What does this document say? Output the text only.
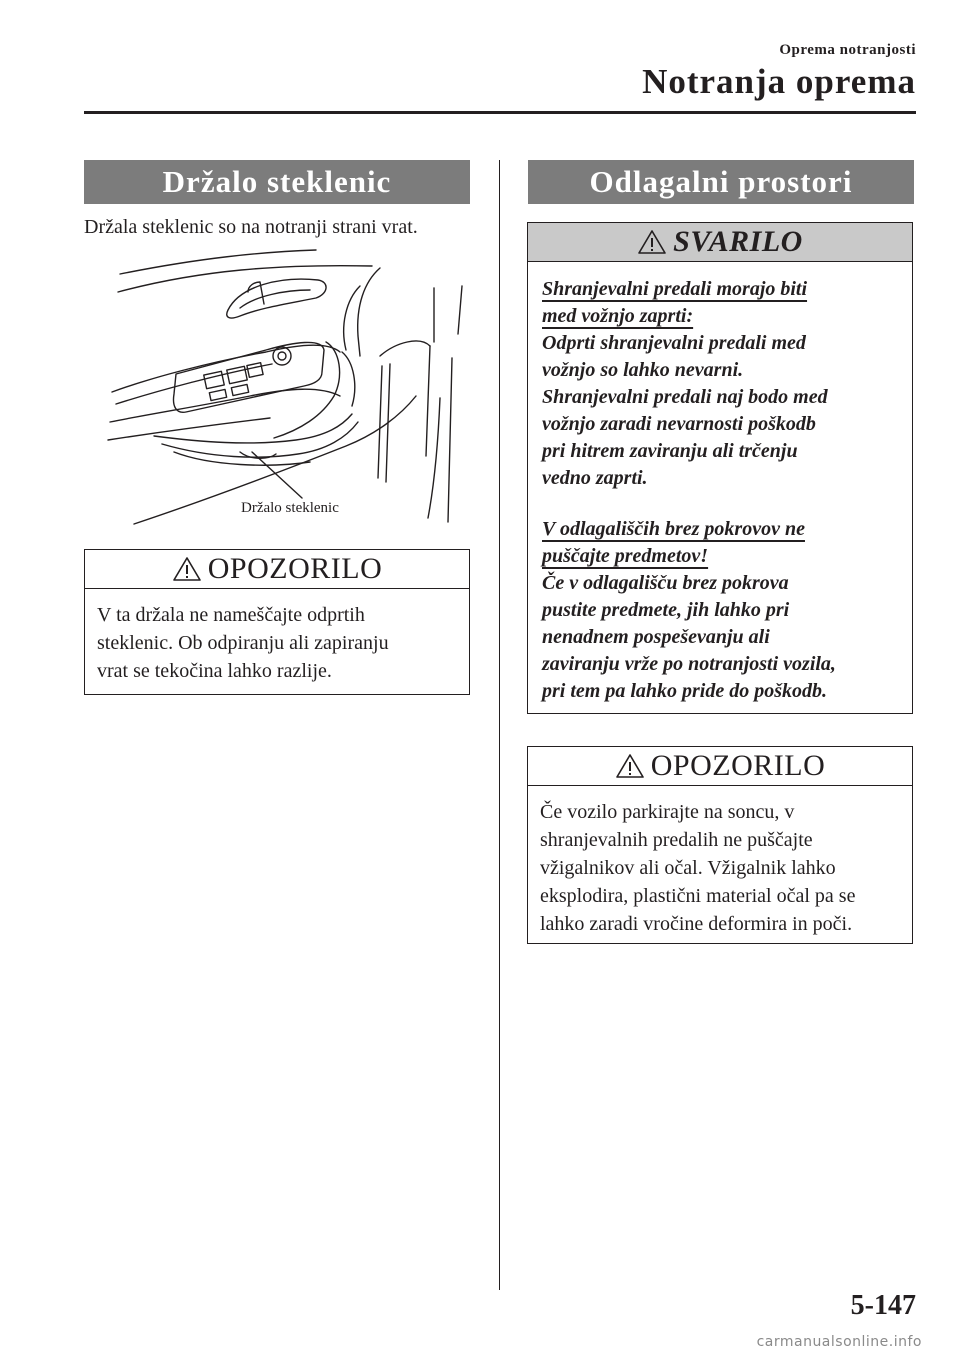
Oprema notranjosti
Notranja oprema
Držalo steklenic
Držala steklenic so na notranji strani vrat.
Držalo steklenic
OPOZORILO
V ta držala ne nameščajte odprtih
steklenic. Ob odpiranju ali zapiranju
vrat se tekočina lahko razlije.
Odlagalni prostori
SVARILO
Shranjevalni predali morajo biti
med vožnjo zaprti:
Odprti shranjevalni predali med
vožnjo so lahko nevarni.
Shranjevalni predali naj bodo med
vožnjo zaradi nevarnosti poškodb
pri hitrem zaviranju ali trčenju
vedno zaprti.
V odlagališčih brez pokrovov ne
puščajte predmetov!
Če v odlagališču brez pokrova
pustite predmete, jih lahko pri
nenadnem pospeševanju ali
zaviranju vrže po notranjosti vozila,
pri tem pa lahko pride do poškodb.
OPOZORILO
Če vozilo parkirajte na soncu, v
shranjevalnih predalih ne puščajte
vžigalnikov ali očal. Vžigalnik lahko
eksplodira, plastični material očal pa se
lahko zaradi vročine deformira in poči.
5-147
carmanualsonline.info
